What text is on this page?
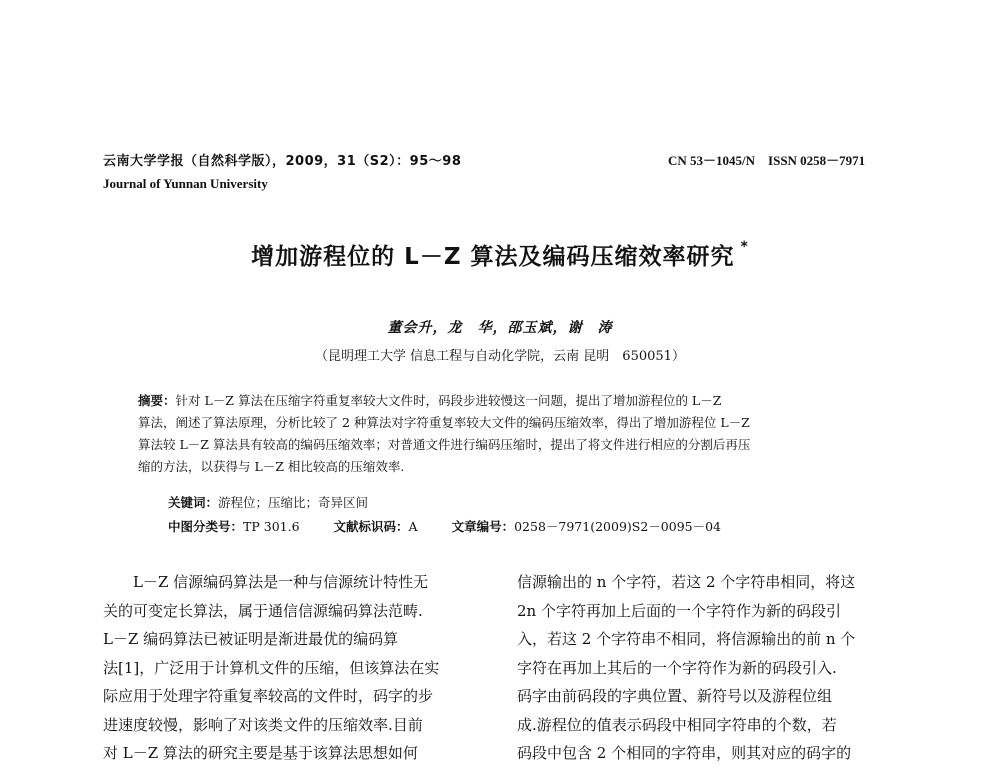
云南大学学报（自然科学版），2009，31（S2）：95～98
Journal of Yunnan University
CN 53－1045/N　ISSN 0258－7971
增加游程位的 L－Z 算法及编码压缩效率研究 *
董会升，龙　华，邵玉斌，谢　涛
（昆明理工大学 信息工程与自动化学院，云南 昆明　650051）
摘要：针对 L－Z 算法在压缩字符重复率较大文件时，码段步进较慢这一问题，提出了增加游程位的 L－Z
算法，阐述了算法原理，分析比较了 2 种算法对字符重复率较大文件的编码压缩效率，得出了增加游程位 L－Z
算法较 L－Z 算法具有较高的编码压缩效率；对普通文件进行编码压缩时，提出了将文件进行相应的分割后再压
缩的方法，以获得与 L－Z 相比较高的压缩效率.
关键词：游程位；压缩比；奇异区间
中图分类号：TP 301.6	文献标识码：A	文章编号：0258－7971(2009)S2－0095－04
L－Z 信源编码算法是一种与信源统计特性无
关的可变定长算法，属于通信信源编码算法范畴.
L－Z 编码算法已被证明是渐进最优的编码算
法[1]，广泛用于计算机文件的压缩，但该算法在实
际应用于处理字符重复率较高的文件时，码字的步
进速度较慢，影响了对该类文件的压缩效率.目前
对 L－Z 算法的研究主要是基于该算法思想如何
信源输出的 n 个字符，若这 2 个字符串相同，将这
2n 个字符再加上后面的一个字符作为新的码段引
入，若这 2 个字符串不相同，将信源输出的前 n 个
字符在再加上其后的一个字符作为新的码段引入.
码字由前码段的字典位置、新符号以及游程位组
成.游程位的值表示码段中相同字符串的个数，若
码段中包含 2 个相同的字符串，则其对应的码字的
